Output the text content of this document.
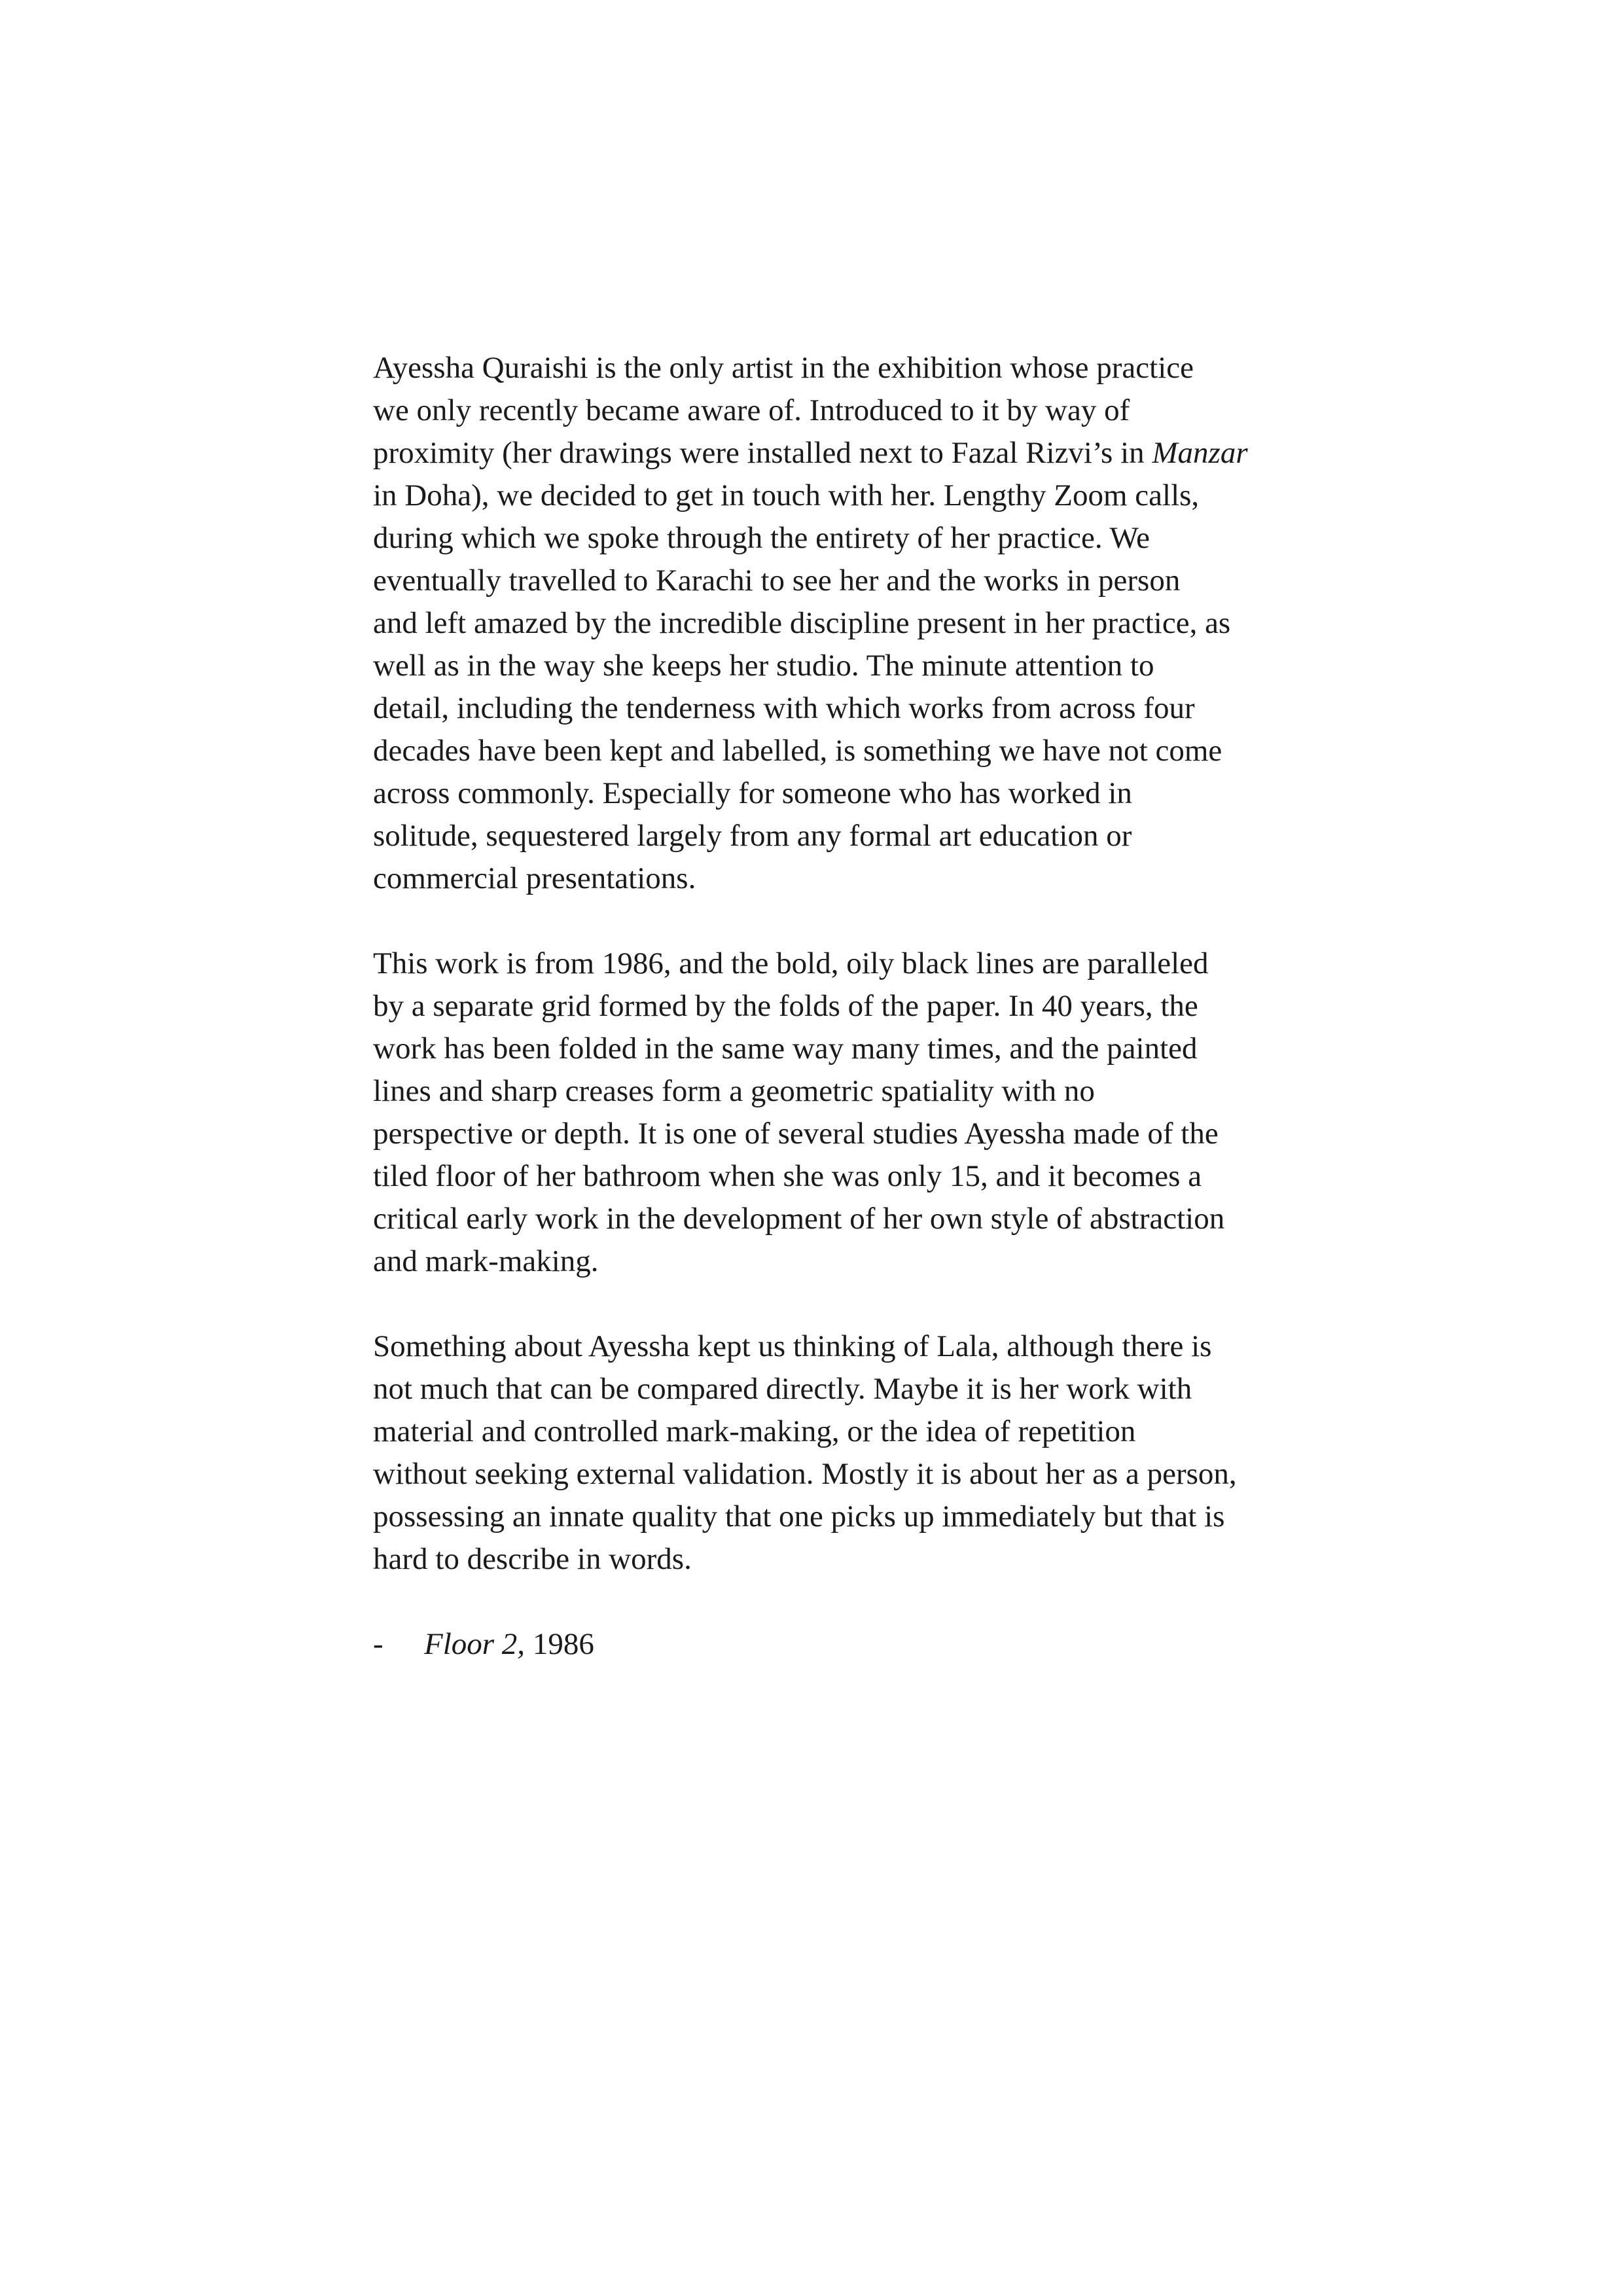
Ayessha Quraishi is the only artist in the exhibition whose practice
we only recently became aware of. Introduced to it by way of
proximity (her drawings were installed next to Fazal Rizvi’s in Manzar
in Doha), we decided to get in touch with her. Lengthy Zoom calls,
during which we spoke through the entirety of her practice. We
eventually travelled to Karachi to see her and the works in person
and left amazed by the incredible discipline present in her practice, as
well as in the way she keeps her studio. The minute attention to
detail, including the tenderness with which works from across four
decades have been kept and labelled, is something we have not come
across commonly. Especially for someone who has worked in
solitude, sequestered largely from any formal art education or
commercial presentations.
This work is from 1986, and the bold, oily black lines are paralleled
by a separate grid formed by the folds of the paper. In 40 years, the
work has been folded in the same way many times, and the painted
lines and sharp creases form a geometric spatiality with no
perspective or depth. It is one of several studies Ayessha made of the
tiled floor of her bathroom when she was only 15, and it becomes a
critical early work in the development of her own style of abstraction
and mark-making.
Something about Ayessha kept us thinking of Lala, although there is
not much that can be compared directly. Maybe it is her work with
material and controlled mark-making, or the idea of repetition
without seeking external validation. Mostly it is about her as a person,
possessing an innate quality that one picks up immediately but that is
hard to describe in words.
- Floor 2, 1986
